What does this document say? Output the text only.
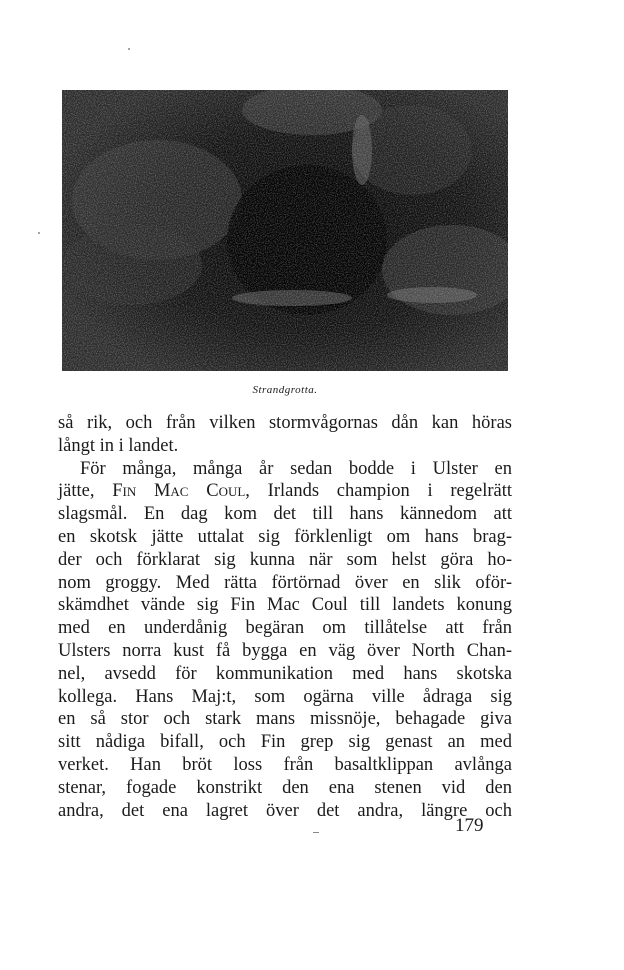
Strandgrotta.
så rik, och från vilken stormvågornas dån kan höras
långt in i landet.
För många, många år sedan bodde i Ulster en
jätte, Fin Mac Coul, Irlands champion i regelrätt
slagsmål. En dag kom det till hans kännedom att
en skotsk jätte uttalat sig förklenligt om hans brag-
der och förklarat sig kunna när som helst göra ho-
nom groggy. Med rätta förtörnad över en slik oför-
skämdhet vände sig Fin Mac Coul till landets konung
med en underdånig begäran om tillåtelse att från
Ulsters norra kust få bygga en väg över North Chan-
nel, avsedd för kommunikation med hans skotska
kollega. Hans Maj:t, som ogärna ville ådraga sig
en så stor och stark mans missnöje, behagade giva
sitt nådiga bifall, och Fin grep sig genast an med
verket. Han bröt loss från basaltklippan avlånga
stenar, fogade konstrikt den ena stenen vid den
andra, det ena lagret över det andra, längre och
179
